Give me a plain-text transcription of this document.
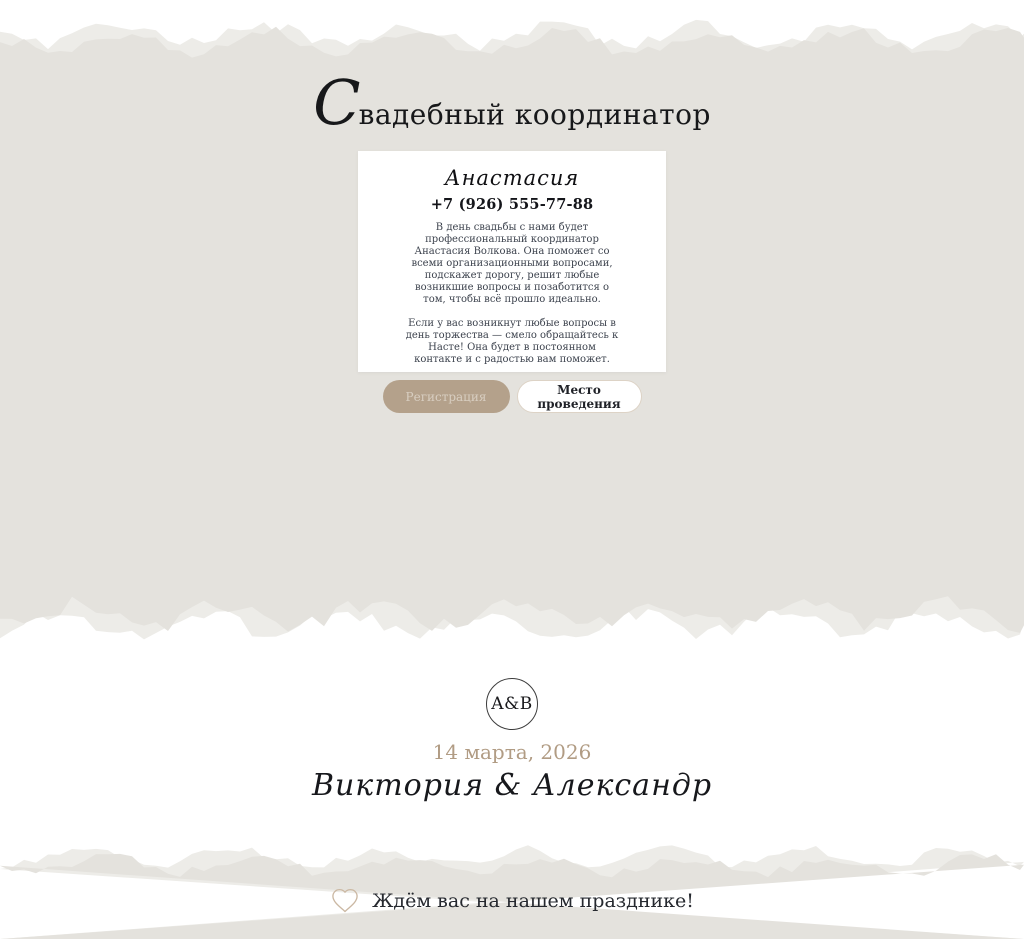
Свадебный координатор
Анастасия
+7 (926) 555-77-88

В день свадьбы с нами будет профессиональный координатор Анастасия Волкова. Она поможет со всеми организационными вопросами, подскажет дорогу, решит любые возникшие вопросы и позаботится о том, чтобы всё прошло идеально.

Если у вас возникнут любые вопросы в день торжества — смело обращайтесь к Насте! Она будет в постоянном контакте и с радостью вам поможет.

Регистрация	Место проведения
A&B
14 марта, 2026
Виктория & Александр
Ждём вас на нашем празднике!
